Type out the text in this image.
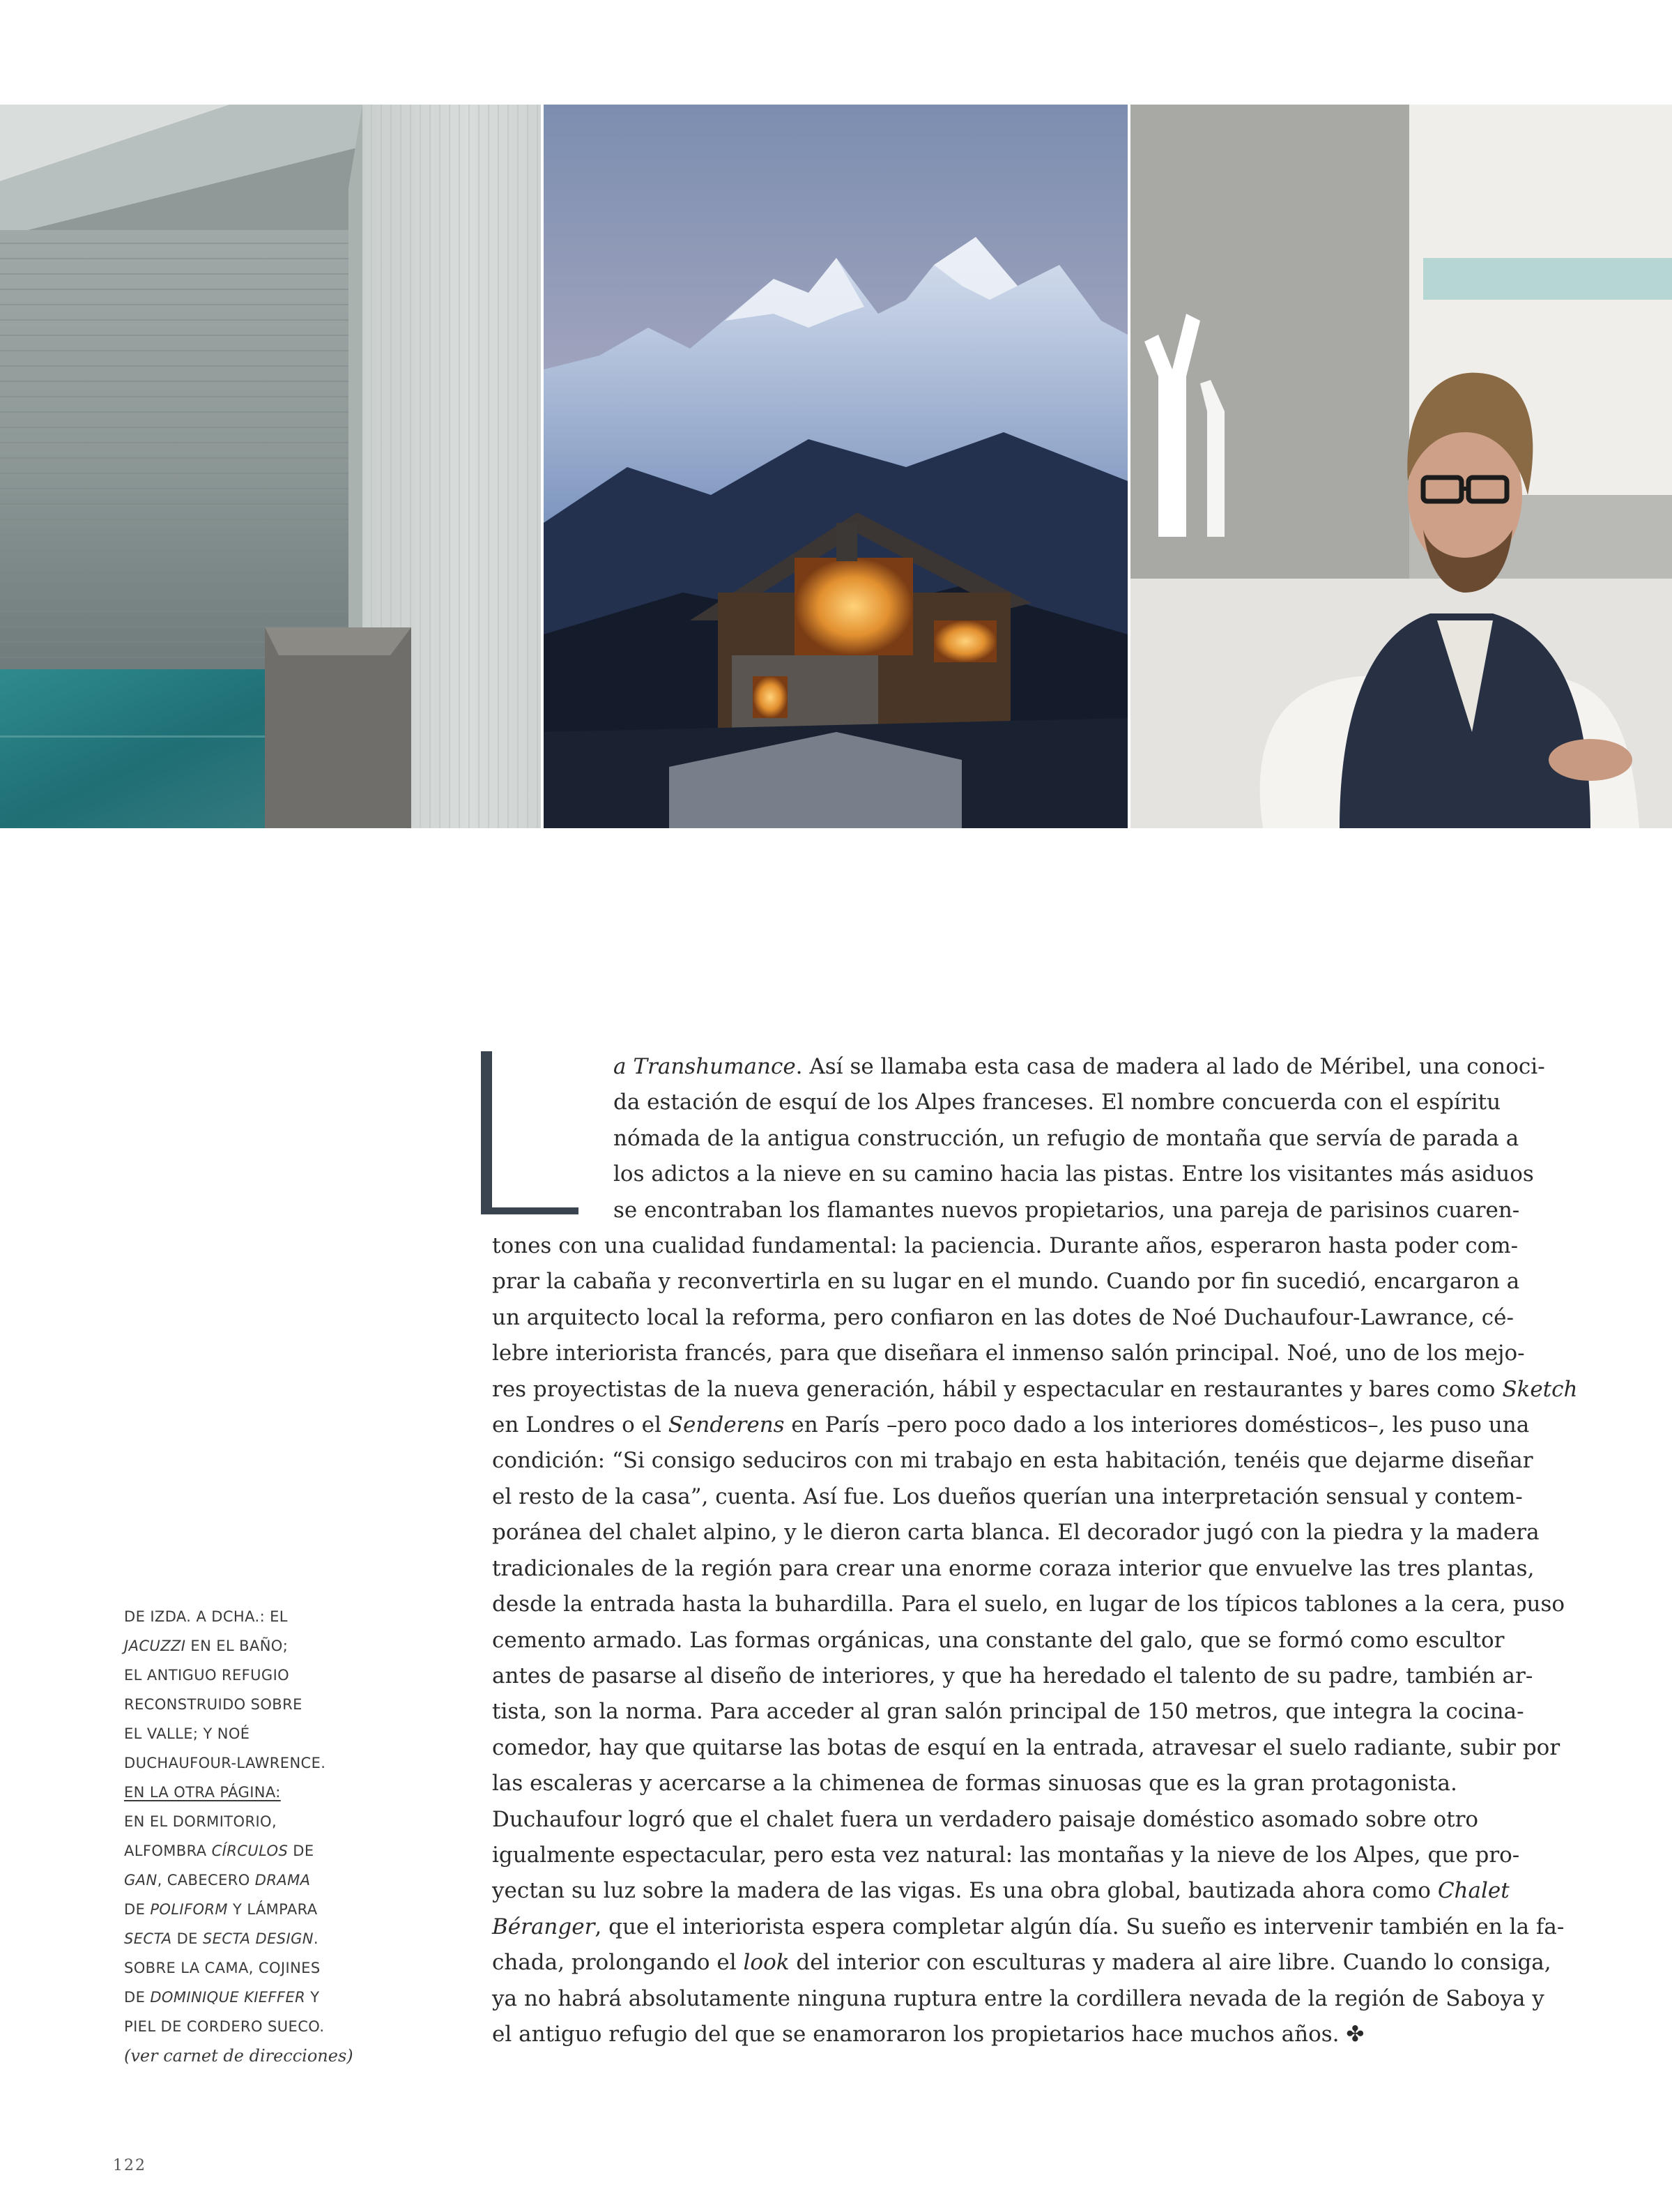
a Transhumance. Así se llamaba esta casa de madera al lado de Méribel, una conoci-
da estación de esquí de los Alpes franceses. El nombre concuerda con el espíritu
nómada de la antigua construcción, un refugio de montaña que servía de parada a
los adictos a la nieve en su camino hacia las pistas. Entre los visitantes más asiduos
se encontraban los flamantes nuevos propietarios, una pareja de parisinos cuaren-
tones con una cualidad fundamental: la paciencia. Durante años, esperaron hasta poder com-
prar la cabaña y reconvertirla en su lugar en el mundo. Cuando por fin sucedió, encargaron a
un arquitecto local la reforma, pero confiaron en las dotes de Noé Duchaufour-Lawrance, cé-
lebre interiorista francés, para que diseñara el inmenso salón principal. Noé, uno de los mejo-
res proyectistas de la nueva generación, hábil y espectacular en restaurantes y bares como Sketch
en Londres o el Senderens en París –pero poco dado a los interiores domésticos–, les puso una
condición: “Si consigo seduciros con mi trabajo en esta habitación, tenéis que dejarme diseñar
el resto de la casa”, cuenta. Así fue. Los dueños querían una interpretación sensual y contem-
poránea del chalet alpino, y le dieron carta blanca. El decorador jugó con la piedra y la madera
tradicionales de la región para crear una enorme coraza interior que envuelve las tres plantas,
desde la entrada hasta la buhardilla. Para el suelo, en lugar de los típicos tablones a la cera, puso
cemento armado. Las formas orgánicas, una constante del galo, que se formó como escultor
antes de pasarse al diseño de interiores, y que ha heredado el talento de su padre, también ar-
tista, son la norma. Para acceder al gran salón principal de 150 metros, que integra la cocina-
comedor, hay que quitarse las botas de esquí en la entrada, atravesar el suelo radiante, subir por
las escaleras y acercarse a la chimenea de formas sinuosas que es la gran protagonista.
Duchaufour logró que el chalet fuera un verdadero paisaje doméstico asomado sobre otro
igualmente espectacular, pero esta vez natural: las montañas y la nieve de los Alpes, que pro-
yectan su luz sobre la madera de las vigas. Es una obra global, bautizada ahora como Chalet
Béranger, que el interiorista espera completar algún día. Su sueño es intervenir también en la fa-
chada, prolongando el look del interior con esculturas y madera al aire libre. Cuando lo consiga,
ya no habrá absolutamente ninguna ruptura entre la cordillera nevada de la región de Saboya y
el antiguo refugio del que se enamoraron los propietarios hace muchos años. ✤
DE IZDA. A DCHA.: EL
JACUZZI EN EL BAÑO;
EL ANTIGUO REFUGIO
RECONSTRUIDO SOBRE
EL VALLE; Y NOÉ
DUCHAUFOUR-LAWRENCE.
EN LA OTRA PÁGINA:
EN EL DORMITORIO,
ALFOMBRA CÍRCULOS DE
GAN, CABECERO DRAMA
DE POLIFORM Y LÁMPARA
SECTA DE SECTA DESIGN.
SOBRE LA CAMA, COJINES
DE DOMINIQUE KIEFFER Y
PIEL DE CORDERO SUECO.
(ver carnet de direcciones)
122
